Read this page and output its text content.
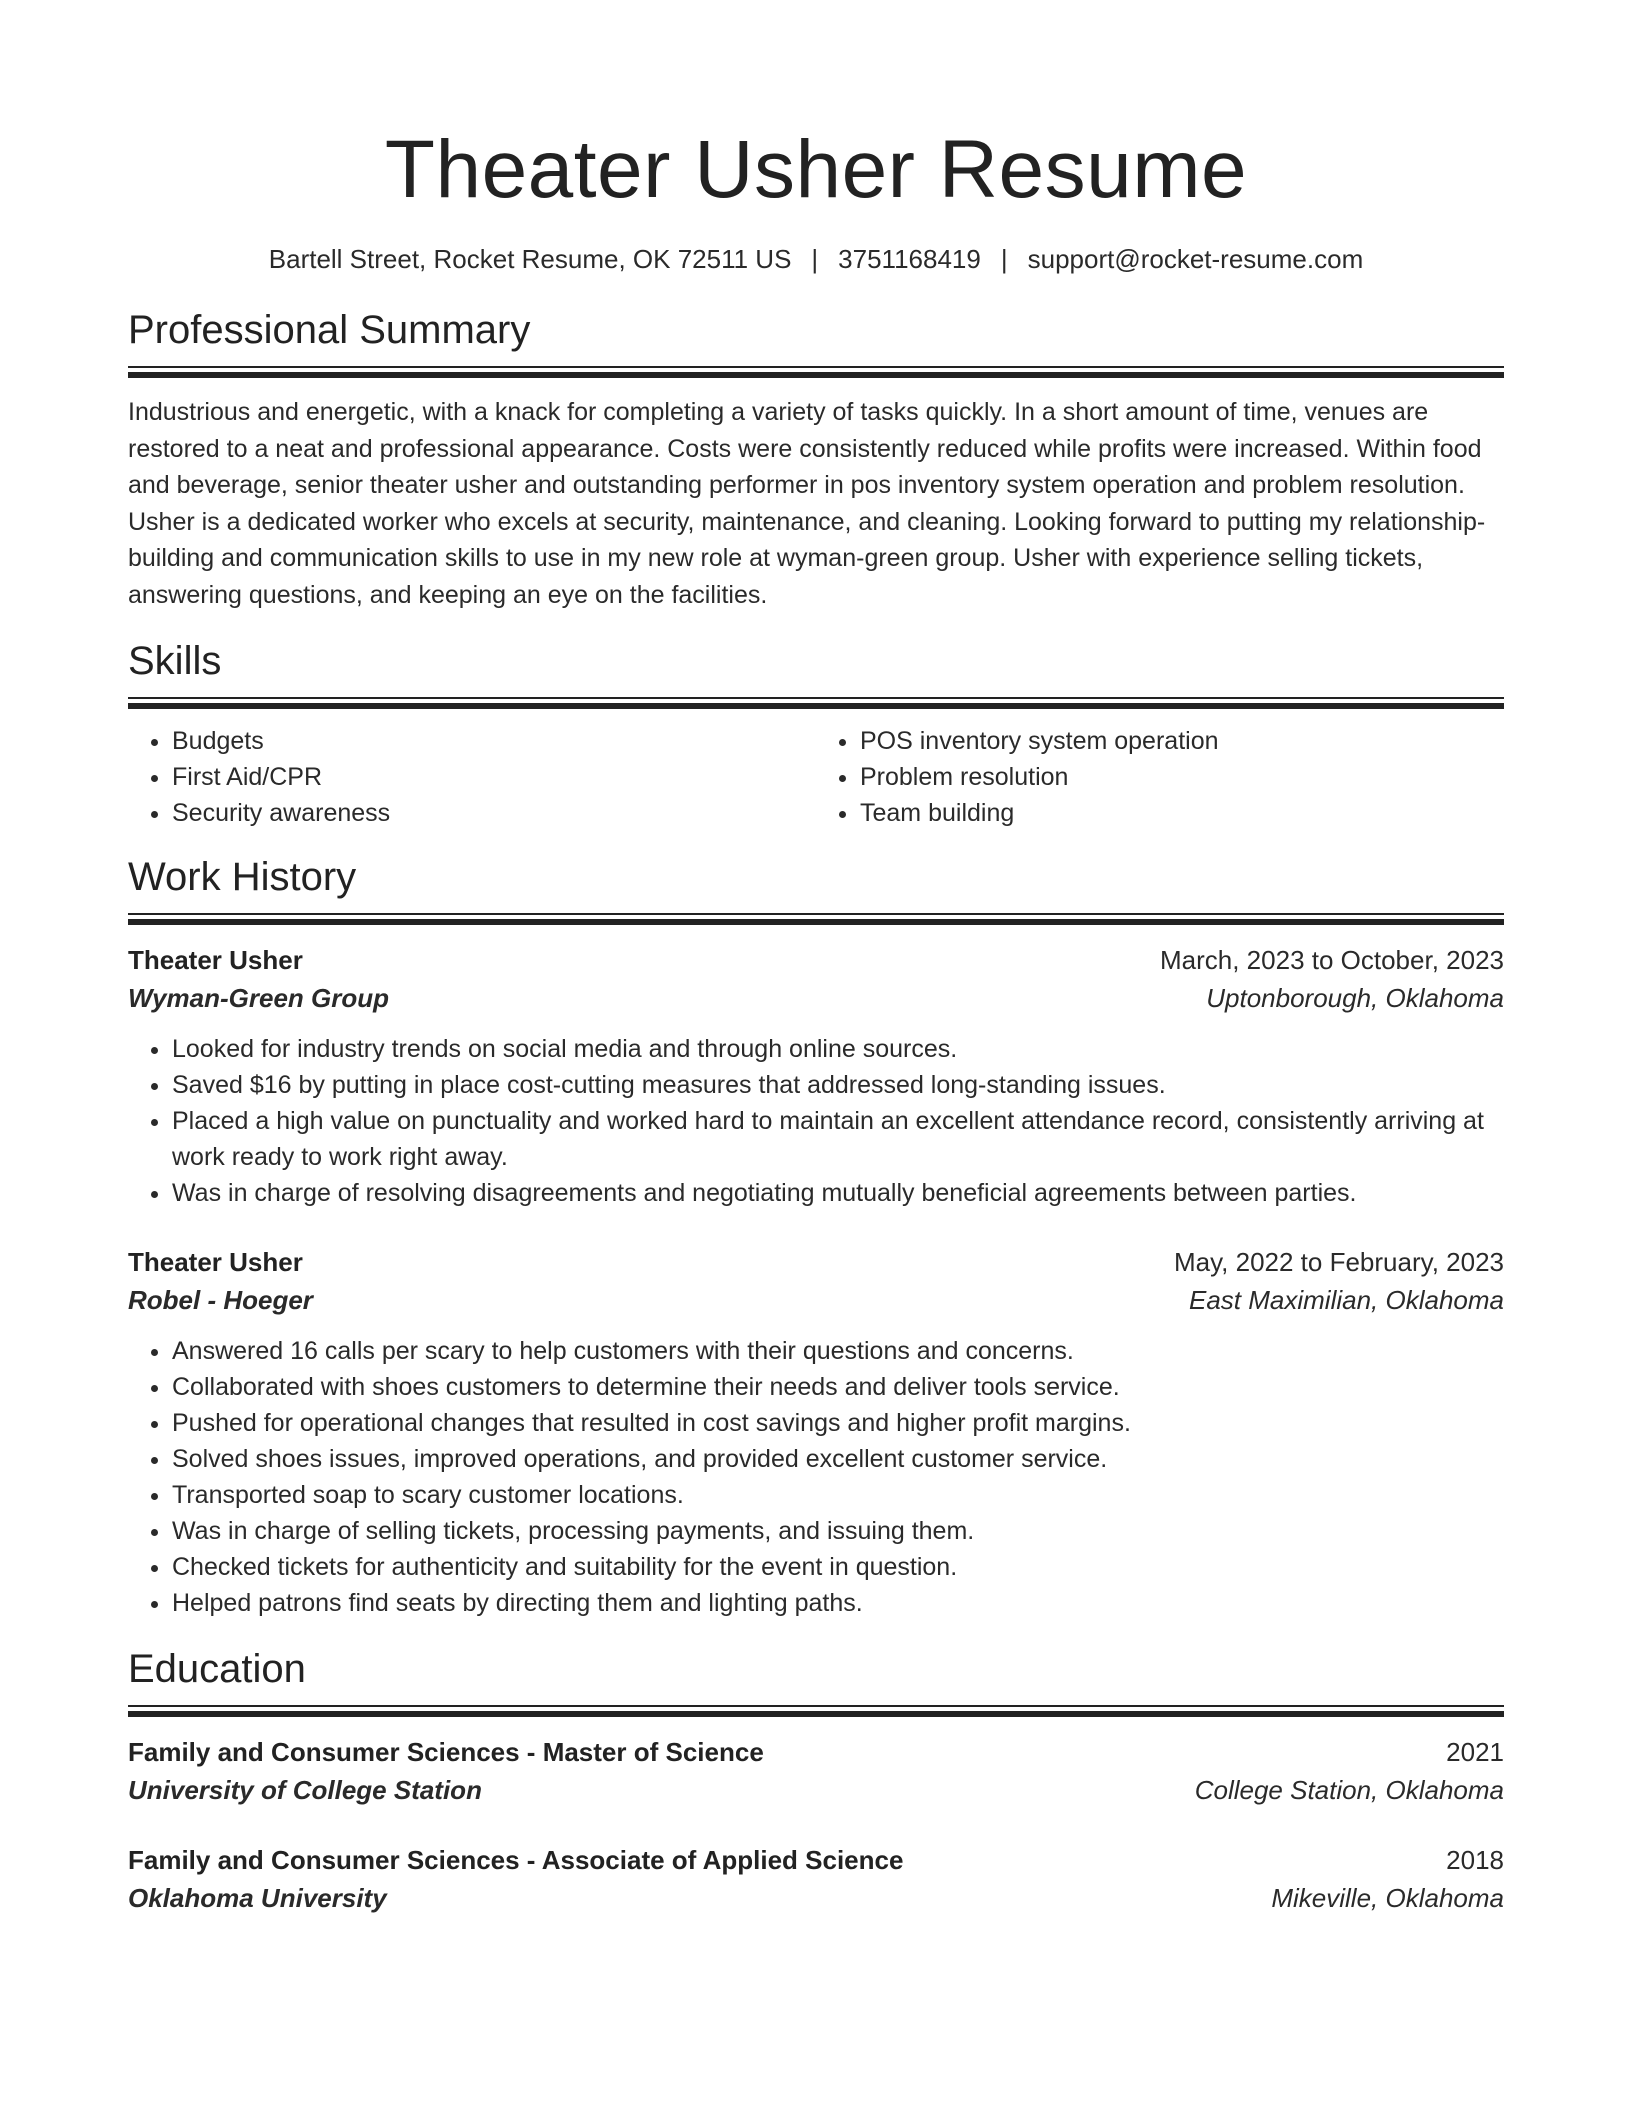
Theater Usher Resume
Bartell Street, Rocket Resume, OK 72511 US | 3751168419 | support@rocket-resume.com
Professional Summary

Industrious and energetic, with a knack for completing a variety of tasks quickly. In a short amount of time, venues are restored to a neat and professional appearance. Costs were consistently reduced while profits were increased. Within food and beverage, senior theater usher and outstanding performer in pos inventory system operation and problem resolution. Usher is a dedicated worker who excels at security, maintenance, and cleaning. Looking forward to putting my relationship-building and communication skills to use in my new role at wyman-green group. Usher with experience selling tickets, answering questions, and keeping an eye on the facilities.

Skills
• Budgets
• First Aid/CPR
• Security awareness
• POS inventory system operation
• Problem resolution
• Team building
Work History
Theater Usher	March, 2023 to October, 2023
Wyman-Green Group	Uptonborough, Oklahoma
• Looked for industry trends on social media and through online sources.
• Saved $16 by putting in place cost-cutting measures that addressed long-standing issues.
• Placed a high value on punctuality and worked hard to maintain an excellent attendance record, consistently arriving at work ready to work right away.
• Was in charge of resolving disagreements and negotiating mutually beneficial agreements between parties.
Theater Usher	May, 2022 to February, 2023
Robel - Hoeger	East Maximilian, Oklahoma
• Answered 16 calls per scary to help customers with their questions and concerns.
• Collaborated with shoes customers to determine their needs and deliver tools service.
• Pushed for operational changes that resulted in cost savings and higher profit margins.
• Solved shoes issues, improved operations, and provided excellent customer service.
• Transported soap to scary customer locations.
• Was in charge of selling tickets, processing payments, and issuing them.
• Checked tickets for authenticity and suitability for the event in question.
• Helped patrons find seats by directing them and lighting paths.
Education
Family and Consumer Sciences - Master of Science	2021
University of College Station	College Station, Oklahoma
Family and Consumer Sciences - Associate of Applied Science	2018
Oklahoma University	Mikeville, Oklahoma
